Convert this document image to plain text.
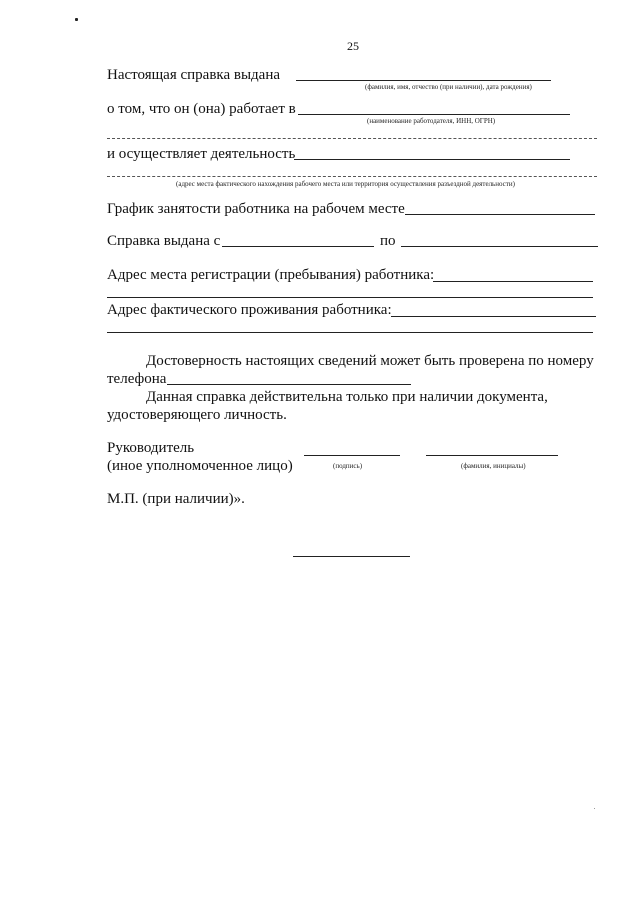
25
Настоящая справка выдана
(фамилия, имя, отчество (при наличии), дата рождения)
о том, что он (она) работает в
(наименование работодателя, ИНН, ОГРН)
и осуществляет деятельность
(адрес места фактического нахождения рабочего места или территория осуществления разъездной деятельности)
График занятости работника на рабочем месте
Справка выдана с	по
Адрес места регистрации (пребывания) работника:
Адрес фактического проживания работника:
Достоверность настоящих сведений может быть проверена по номеру
телефона
Данная справка действительна только при наличии документа,
удостоверяющего личность.
Руководитель
(иное уполномоченное лицо)	(подпись)	(фамилия, инициалы)
М.П. (при наличии)».
